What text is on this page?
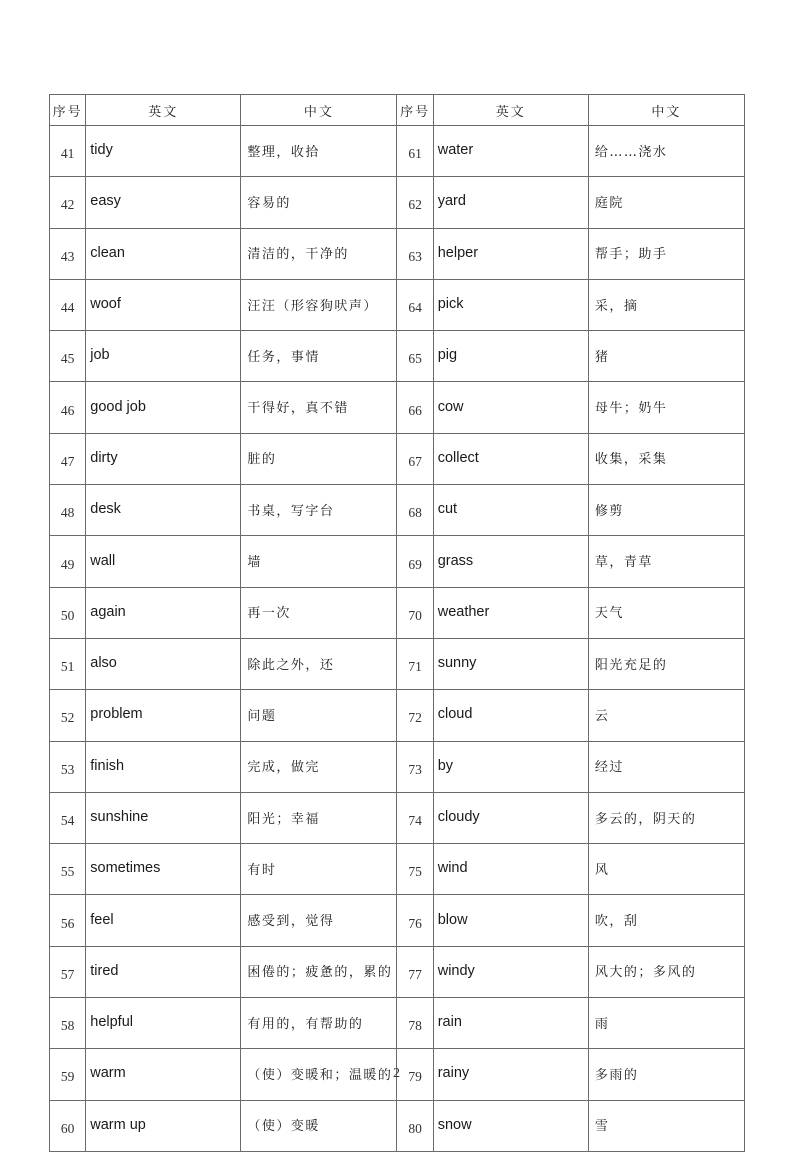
序号	英文	中文	序号	英文	中文
41	tidy	整理，收拾	61	water	给……浇水
42	easy	容易的	62	yard	庭院
43	clean	清洁的，干净的	63	helper	帮手；助手
44	woof	汪汪（形容狗吠声）	64	pick	采，摘
45	job	任务，事情	65	pig	猪
46	good job	干得好，真不错	66	cow	母牛；奶牛
47	dirty	脏的	67	collect	收集，采集
48	desk	书桌，写字台	68	cut	修剪
49	wall	墙	69	grass	草，青草
50	again	再一次	70	weather	天气
51	also	除此之外，还	71	sunny	阳光充足的
52	problem	问题	72	cloud	云
53	finish	完成，做完	73	by	经过
54	sunshine	阳光；幸福	74	cloudy	多云的，阴天的
55	sometimes	有时	75	wind	风
56	feel	感受到，觉得	76	blow	吹，刮
57	tired	困倦的；疲惫的，累的	77	windy	风大的；多风的
58	helpful	有用的，有帮助的	78	rain	雨
59	warm	（使）变暖和；温暖的	79	rainy	多雨的
60	warm up	（使）变暖	80	snow	雪
2
